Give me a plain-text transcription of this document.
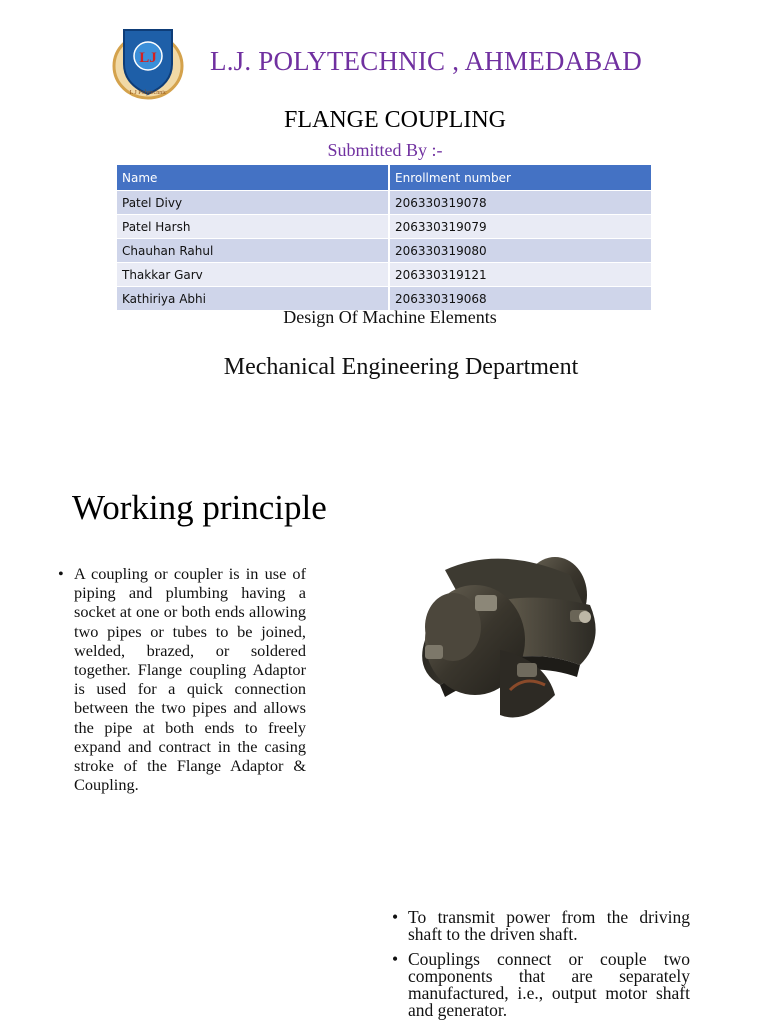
LJ
L J Polytechnic
L.J. POLYTECHNIC , AHMEDABAD
FLANGE COUPLING
Submitted By :-
Name	Enrollment number
Patel Divy	206330319078
Patel Harsh	206330319079
Chauhan Rahul	206330319080
Thakkar Garv	206330319121
Kathiriya Abhi	206330319068
Design Of Machine Elements
Mechanical Engineering Department
Working principle
• A coupling or coupler is in use of piping and plumbing having a socket at one or both ends allowing two pipes or tubes to be joined, welded, brazed, or soldered together. Flange coupling Adaptor is used for a quick connection between the two pipes and allows the pipe at both ends to freely expand and contract in the casing stroke of the Flange Adaptor & Coupling.
• To transmit power from the driving shaft to the driven shaft.
• Couplings connect or couple two components that are separately manufactured, i.e., output motor shaft and generator.
